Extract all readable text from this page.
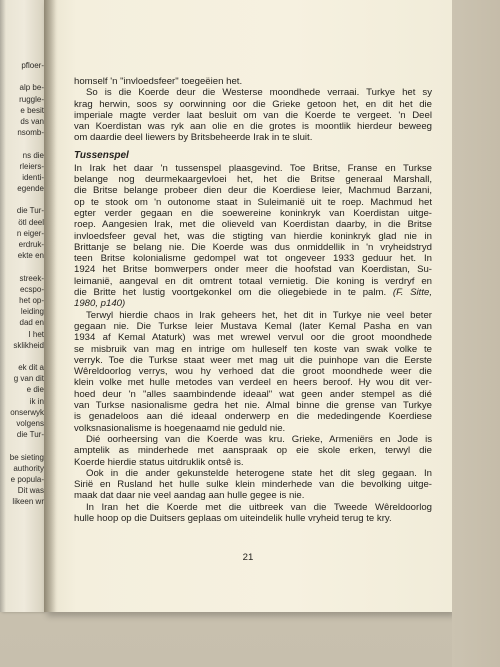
pfloer-
alp be-
ruggle-
e besit
ds van
nsomb-
ns die
rleiers-
identi-
egende
die Tur-
ötl deel
n eiger-
erdruk-
ekte en
streek-
ecspo-
het op-
leiding
dad en
I het
sklikheid
ek dit a
g van dit
e die
ik in
onserwyk
volgens
die Tur-
be sieting
authority
e popula-
Dit was
likeen wr
homself 'n "invloedsfeer" toegeëien het.
So is die Koerde deur die Westerse moondhede verraai. Turkye het sy
krag herwin, soos sy oorwinning oor die Grieke getoon het, en dit het die
imperiale magte verder laat besluit om van die Koerde te vergeet. 'n Deel
van Koerdistan was ryk aan olie en die grotes is moontlik hierdeur beweeg
om daardie deel liewers by Britsbeheerde Irak in te sluit.
Tussenspel
In Irak het daar 'n tussenspel plaasgevind. Toe Britse, Franse en Turkse
belange nog deurmekaargevloei het, het die Britse generaal Marshall,
die Britse belange probeer dien deur die Koerdiese leier, Machmud Barzani,
op te stook om 'n outonome staat in Suleimanië uit te roep. Machmud het
egter verder gegaan en die soewereine koninkryk van Koerdistan uitge-
roep. Aangesien Irak, met die olieveld van Koerdistan daarby, in die Britse
invloedsfeer geval het, was die stigting van hierdie koninkryk glad nie in
Brittanje se belang nie. Die Koerde was dus onmiddellik in 'n vryheidstryd
teen Britse kolonialisme gedompel wat tot ongeveer 1933 geduur het. In
1924 het Britse bomwerpers onder meer die hoofstad van Koerdistan, Su-
leimanië, aangeval en dit omtrent totaal vernietig. Die koning is verdryf en
die Britte het lustig voortgekonkel om die oliegebiede in te palm. (F. Sitte,
1980, p140)
Terwyl hierdie chaos in Irak geheers het, het dit in Turkye nie veel beter
gegaan nie. Die Turkse leier Mustava Kemal (later Kemal Pasha en van
1934 af Kemal Ataturk) was met wrewel vervul oor die groot moondhede
se misbruik van mag en intrige om hulleself ten koste van swak volke te
verryk. Toe die Turkse staat weer met mag uit die puinhope van die Eerste
Wêreldoorlog verrys, wou hy verhoed dat die groot moondhede weer die
klein volke met hulle metodes van verdeel en heers beroof. Hy wou dit ver-
hoed deur 'n "alles saambindende ideaal" wat geen ander stempel as dié
van Turkse nasionalisme gedra het nie. Almal binne die grense van Turkye
is genadeloos aan dié ideaal onderwerp en die mededingende Koerdiese
volksnasionalisme is hoegenaamd nie geduld nie.
Dié oorheersing van die Koerde was kru. Grieke, Armeniërs en Jode is
amptelik as minderhede met aanspraak op eie skole erken, terwyl die
Koerde hierdie status uitdruklik ontsê is.
Ook in die ander gekunstelde heterogene state het dit sleg gegaan. In
Sirië en Rusland het hulle sulke klein minderhede van die bevolking uitge-
maak dat daar nie veel aandag aan hulle gegee is nie.
In Iran het die Koerde met die uitbreek van die Tweede Wêreldoorlog
hulle hoop op die Duitsers geplaas om uiteindelik hulle vryheid terug te kry.
21
